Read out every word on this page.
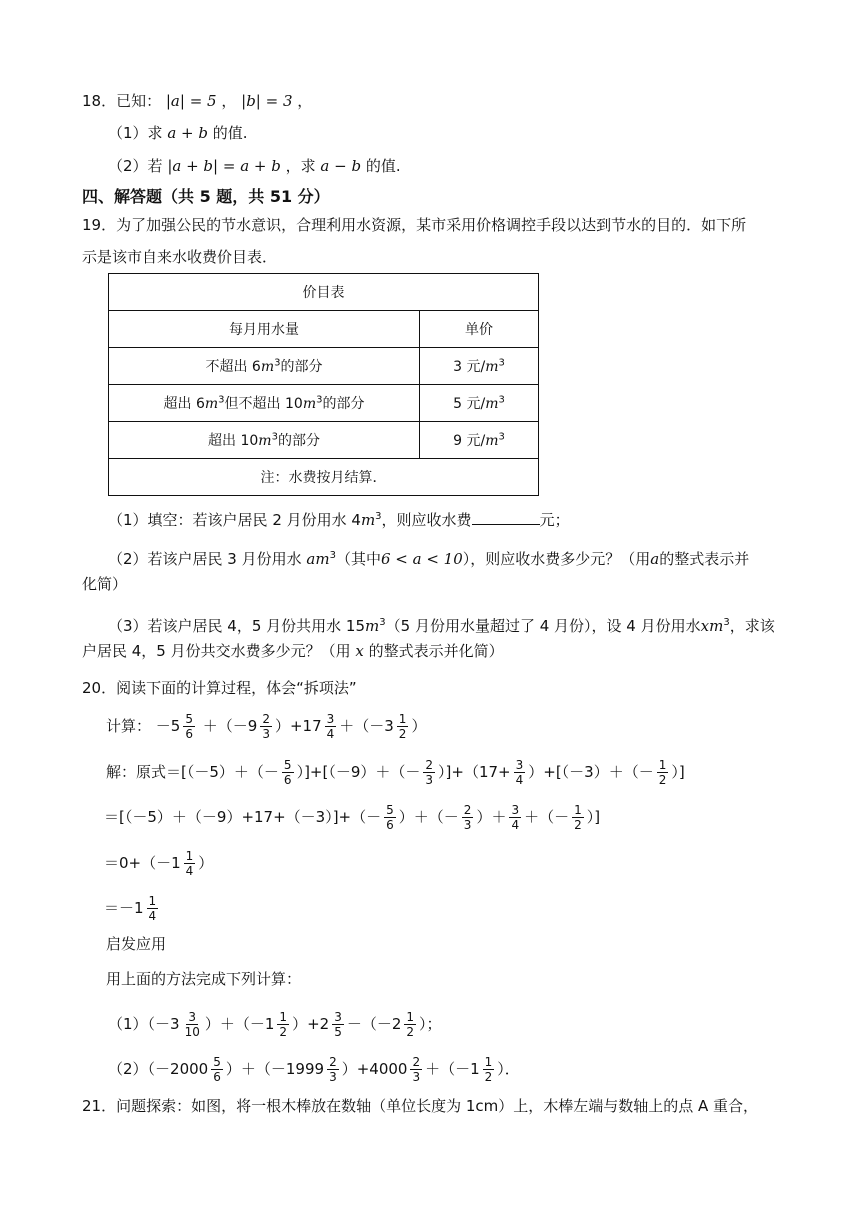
18．已知： |a| = 5 ， |b| = 3 ，
（1）求 a + b 的值.
（2）若 |a + b| = a + b ，求 a − b 的值.
四、解答题（共 5 题，共 51 分）
19．为了加强公民的节水意识，合理利用水资源，某市采用价格调控手段以达到节水的目的．如下所
示是该市自来水收费价目表．
价目表	
每月用水量	单价
不超出 $6m^3$的部分	3 元$/m^3$
超出 $6m^3$但不超出 $10m^3$的部分	5 元$/m^3$
超出 $10m^3$的部分	9 元$/m^3$
注：水费按月结算．	
（1）填空：若该户居民 2 月份用水 $4m^3$，则应收水费	元；
（2）若该户居民 3 月份用水 $am^3$（其中6 < a < 10），则应收水费多少元？（用a的整式表示并
化简）
（3）若该户居民 4，5 月份共用水 $15m^3(5$ 月份用水量超过了 4 月份），设 4 月份用水$xm^3$，求该
户居民 4，5 月份共交水费多少元？（用 x 的整式表示并化简）
20．阅读下面的计算过程，体会“拆项法”
计算： $-5 \frac{5}{6} +(-9 \frac{2}{3} )+17 \frac{3}{4} +(-3 \frac{1}{2}$ ）
解：原式$=[(-5)+(- \frac{5}{6} )]+[(-9)+(- \frac{2}{3} )]+(17+ \frac{3}{4} )+[(-3)+(- \frac{1}{2}$ ）]
$=[(-5)+(-9)+17+(-3)]+(- \frac{5}{6}$ ）＋（－ $\frac{2}{3}$ ）＋ $\frac{3}{4}$ ＋（－ $\frac{1}{2}$ ）]
$=0+(-1 \frac{1}{4}$ ）
$=-1 \frac{1}{4}$
启发应用
用上面的方法完成下列计算：
$(1)(-3 \frac{3}{10} )+(-1 \frac{1}{2} )+2 \frac{3}{5} -(-2 \frac{1}{2}$ ）；
$(2)(-2000 \frac{5}{6} )+(-1999 \frac{2}{3} )+4000 \frac{2}{3} +(-1 \frac{1}{2}$ ）．
21．问题探索：如图，将一根木棒放在数轴（单位长度为 1cm）上，木棒左端与数轴上的点 A 重合，
